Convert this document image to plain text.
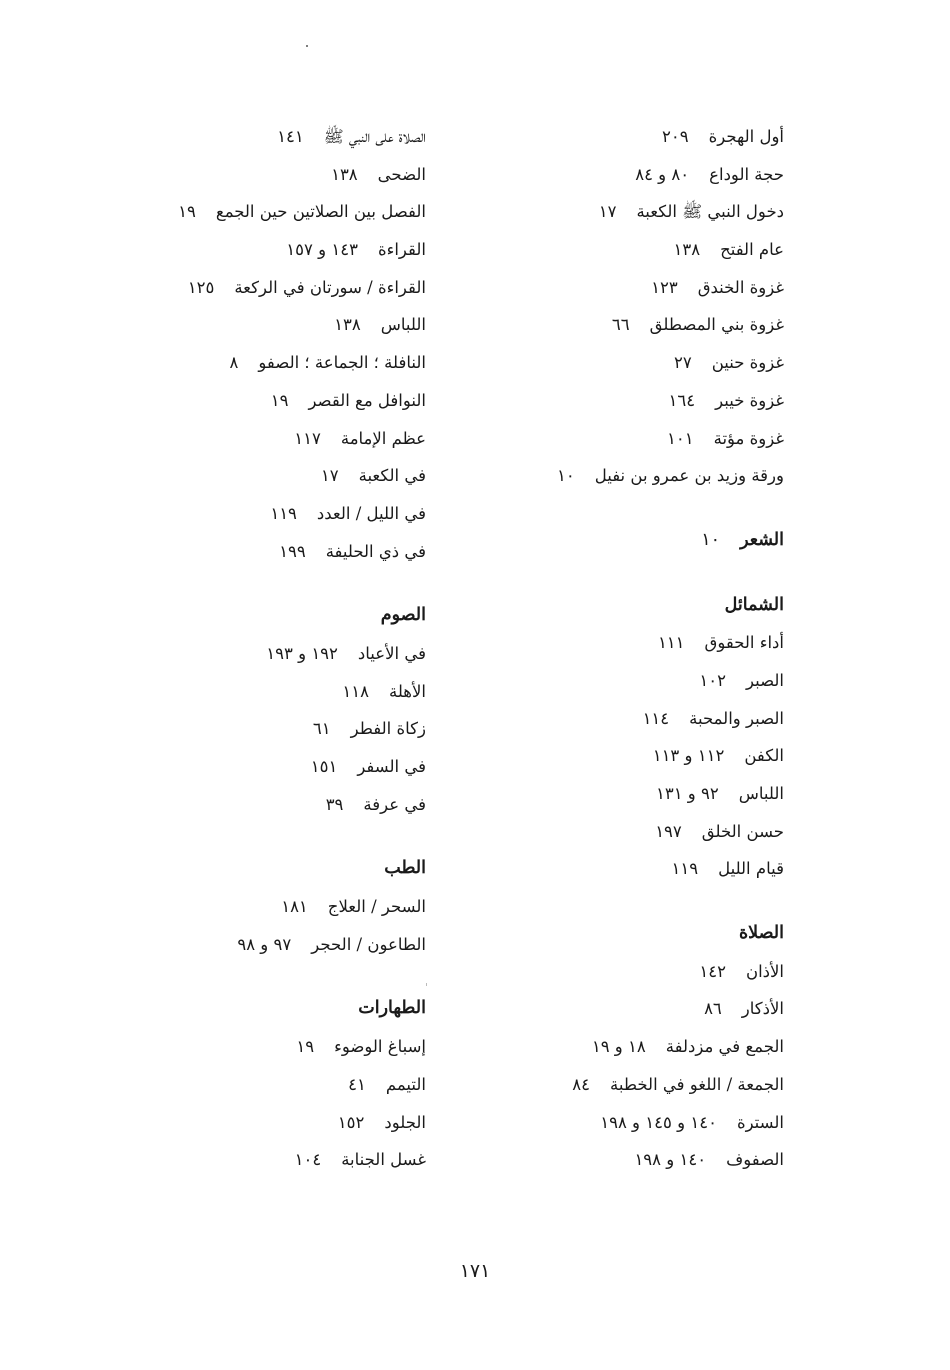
أول الهجرة٢٠٩
حجة الوداع٨٠ و ٨٤
دخول النبي ﷺ الكعبة١٧
عام الفتح١٣٨
غزوة الخندق١٢٣
غزوة بني المصطلق٦٦
غزوة حنين٢٧
غزوة خيبر١٦٤
غزوة مؤتة١٠١
ورقة وزيد بن عمرو بن نفيل١٠
الشعر١٠
الشمائل
أداء الحقوق١١١
الصبر١٠٢
الصبر والمحبة١١٤
الكفن١١٢ و ١١٣
اللباس٩٢ و ١٣١
حسن الخلق١٩٧
قيام الليل١١٩
الصلاة
الأذان١٤٢
الأذكار٨٦
الجمع في مزدلفة١٨ و ١٩
الجمعة / اللغو في الخطبة٨٤
السترة١٤٠ و ١٤٥ و ١٩٨
الصفوف١٤٠ و ١٩٨
الصلاة على النبي ﷺ١٤١
الضحى١٣٨
الفصل بين الصلاتين حين الجمع١٩
القراءة١٤٣ و ١٥٧
القراءة / سورتان في الركعة١٢٥
اللباس١٣٨
النافلة ؛ الجماعة ؛ الصفو٨
النوافل مع القصر١٩
عظم الإمامة١١٧
في الكعبة١٧
في الليل / العدد١١٩
في ذي الحليفة١٩٩
الصوم
في الأعياد١٩٢ و ١٩٣
الأهلة١١٨
زكاة الفطر٦١
في السفر١٥١
في عرفة٣٩
الطب
السحر / العلاج١٨١
الطاعون / الحجر٩٧ و ٩٨
الطهارات
إسباغ الوضوء١٩
التيمم٤١
الجلود١٥٢
غسل الجنابة١٠٤
١٧١
